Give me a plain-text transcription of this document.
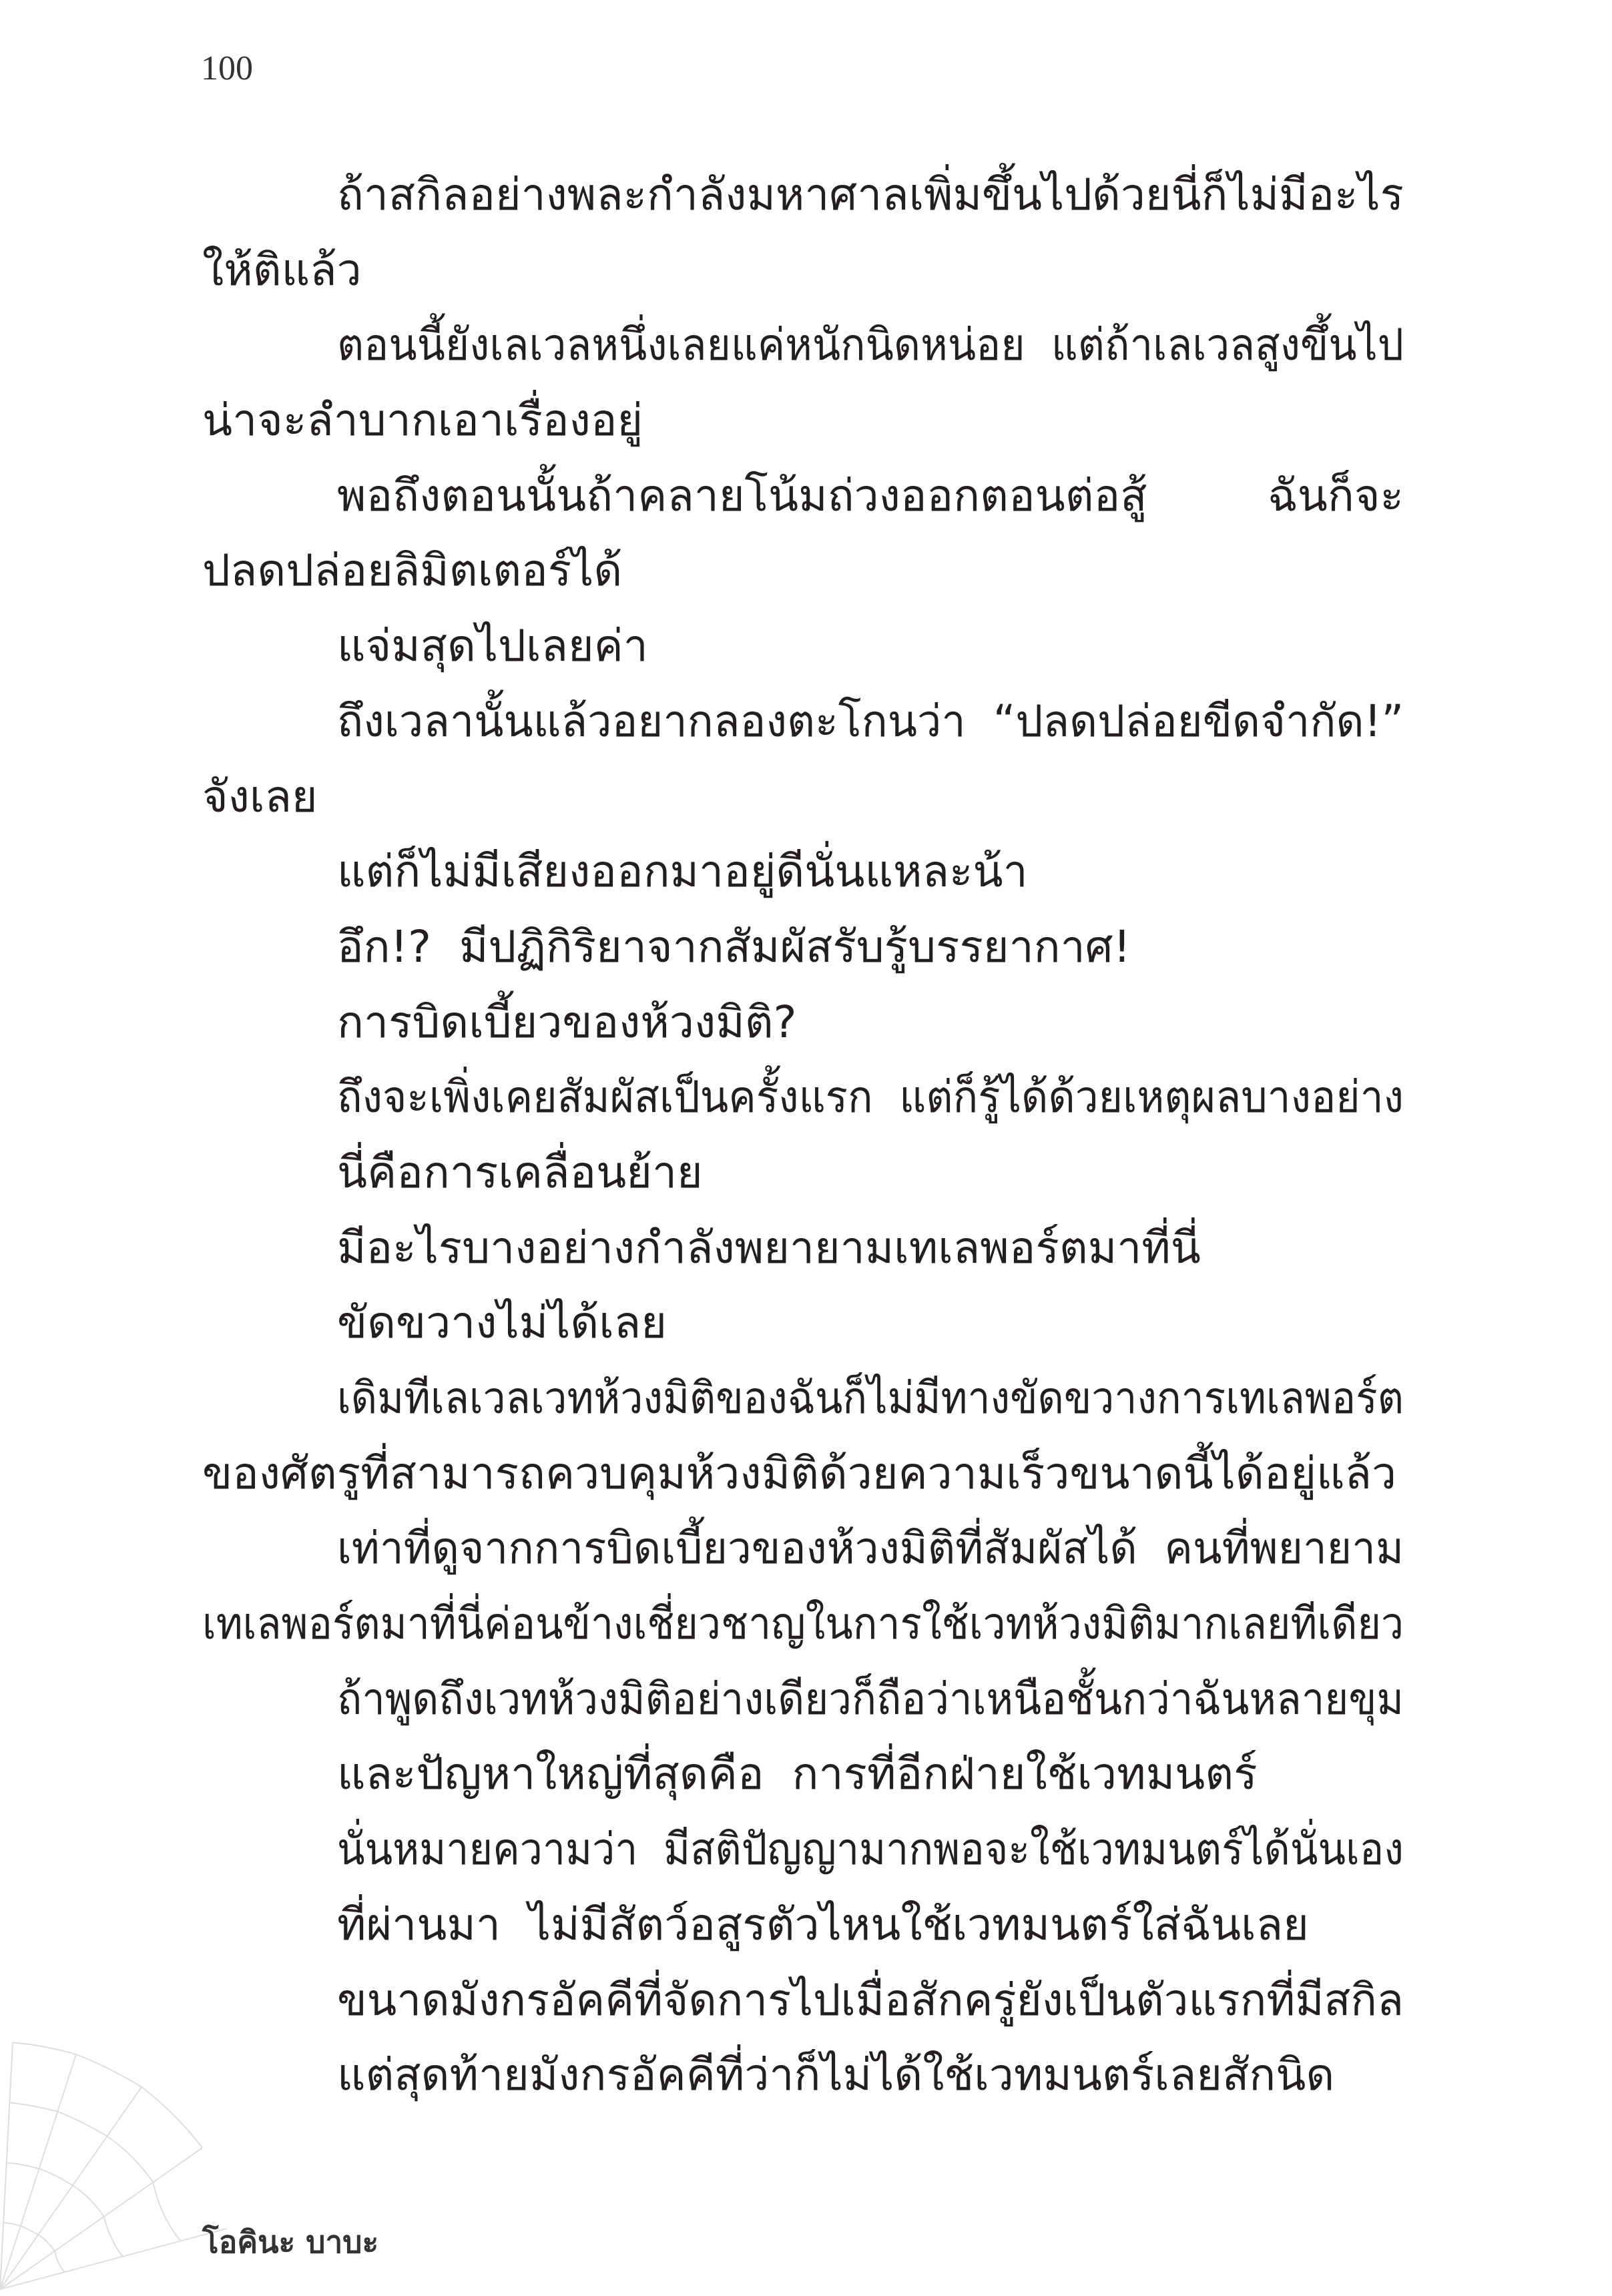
100
ถ้าสกิลอย่างพละกำลังมหาศาลเพิ่มขึ้นไปด้วยนี่ก็ไม่มีอะไร
ให้ติแล้ว
ตอนนี้ยังเลเวลหนึ่งเลยแค่หนักนิดหน่อย  แต่ถ้าเลเวลสูงขึ้นไป
น่าจะลำบากเอาเรื่องอยู่
พอถึงตอนนั้นถ้าคลายโน้มถ่วงออกตอนต่อสู้  ฉันก็จะ
ปลดปล่อยลิมิตเตอร์ได้
แจ่มสุดไปเลยค่า
ถึงเวลานั้นแล้วอยากลองตะโกนว่า  “ปลดปล่อยขีดจำกัด!”
จังเลย
แต่ก็ไม่มีเสียงออกมาอยู่ดีนั่นแหละน้า
อึก!?  มีปฏิกิริยาจากสัมผัสรับรู้บรรยากาศ!
การบิดเบี้ยวของห้วงมิติ?
ถึงจะเพิ่งเคยสัมผัสเป็นครั้งแรก  แต่ก็รู้ได้ด้วยเหตุผลบางอย่าง
นี่คือการเคลื่อนย้าย
มีอะไรบางอย่างกำลังพยายามเทเลพอร์ตมาที่นี่
ขัดขวางไม่ได้เลย
เดิมทีเลเวลเวทห้วงมิติของฉันก็ไม่มีทางขัดขวางการเทเลพอร์ต
ของศัตรูที่สามารถควบคุมห้วงมิติด้วยความเร็วขนาดนี้ได้อยู่แล้ว
เท่าที่ดูจากการบิดเบี้ยวของห้วงมิติที่สัมผัสได้  คนที่พยายาม
เทเลพอร์ตมาที่นี่ค่อนข้างเชี่ยวชาญในการใช้เวทห้วงมิติมากเลยทีเดียว
ถ้าพูดถึงเวทห้วงมิติอย่างเดียวก็ถือว่าเหนือชั้นกว่าฉันหลายขุม
และปัญหาใหญ่ที่สุดคือ  การที่อีกฝ่ายใช้เวทมนตร์
นั่นหมายความว่า  มีสติปัญญามากพอจะใช้เวทมนตร์ได้นั่นเอง
ที่ผ่านมา  ไม่มีสัตว์อสูรตัวไหนใช้เวทมนตร์ใส่ฉันเลย
ขนาดมังกรอัคคีที่จัดการไปเมื่อสักครู่ยังเป็นตัวแรกที่มีสกิล
แต่สุดท้ายมังกรอัคคีที่ว่าก็ไม่ได้ใช้เวทมนตร์เลยสักนิด
โอคินะ บาบะ
